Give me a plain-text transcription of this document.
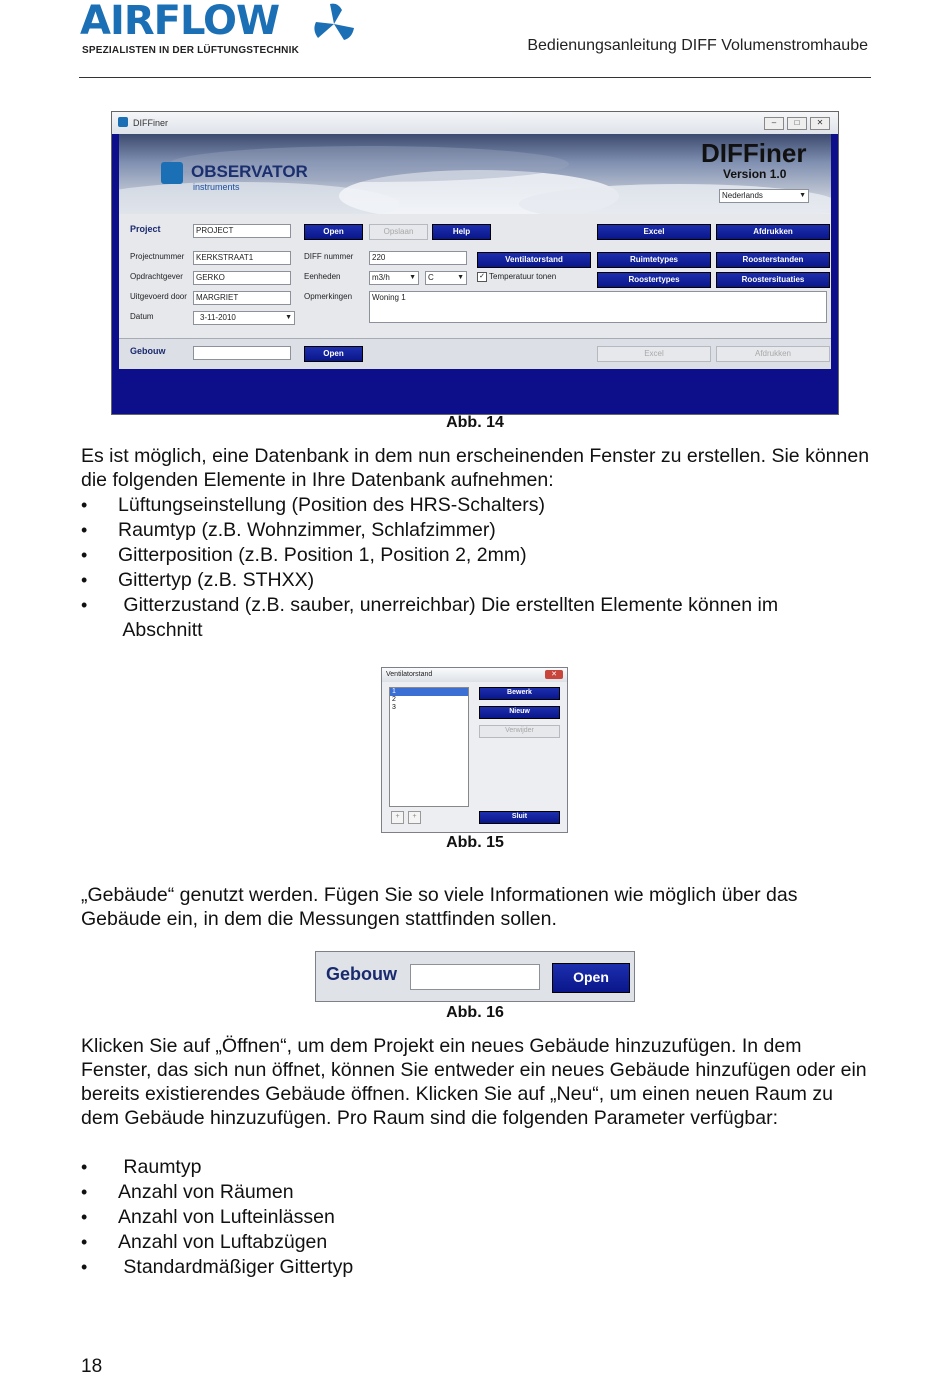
AIRFLOW
SPEZIALISTEN IN DER LÜFTUNGSTECHNIK	Bedienungsanleitung DIFF Volumenstromhaube
DIFFiner	–	□	✕
OBSERVATOR
instruments
DIFFiner
Version 1.0
Nederlands	▼
Project	PROJECT	Open	Opslaan	Help	Excel	Afdrukken
Projectnummer	KERKSTRAAT1	DIFF nummer	220	Ventilatorstand	Ruimtetypes	Roosterstanden
Opdrachtgever	GERKO	Eenheden	m3/h	▼	C	▼ ✓ Temperatuur tonen	Roostertypes	Roostersituaties
Uitgevoerd door	MARGRIET	Opmerkingen	Woning 1
Datum	3-11-2010	▼
Gebouw	Open	Excel	Afdrukken
Abb. 14
Es ist möglich, eine Datenbank in dem nun erscheinenden Fenster zu erstellen. Sie können die folgenden Elemente in Ihre Datenbank aufnehmen:
• Lüftungseinstellung (Position des HRS-Schalters)
• Raumtyp (z.B. Wohnzimmer, Schlafzimmer)
• Gitterposition (z.B. Position 1, Position 2, 2mm)
• Gittertyp (z.B. STHXX)
•  Gitterzustand (z.B. sauber, unerreichbar) Die erstellten Elemente können im
Abschnitt
Ventilatorstand	✕
1
2
3
Bewerk
Nieuw
Verwijder
+	+	Sluit
Abb. 15
„Gebäude“ genutzt werden. Fügen Sie so viele Informationen wie möglich über das Gebäude ein, in dem die Messungen stattfinden sollen.
Gebouw	Open
Abb. 16
Klicken Sie auf „Öffnen“, um dem Projekt ein neues Gebäude hinzuzufügen. In dem Fenster, das sich nun öffnet, können Sie entweder ein neues Gebäude hinzufügen oder ein bereits existierendes Gebäude öffnen. Klicken Sie auf „Neu“, um einen neuen Raum zu dem Gebäude hinzuzufügen. Pro Raum sind die folgenden Parameter verfügbar:
•  Raumtyp
• Anzahl von Räumen
• Anzahl von Lufteinlässen
• Anzahl von Luftabzügen
•  Standardmäßiger Gittertyp
18
